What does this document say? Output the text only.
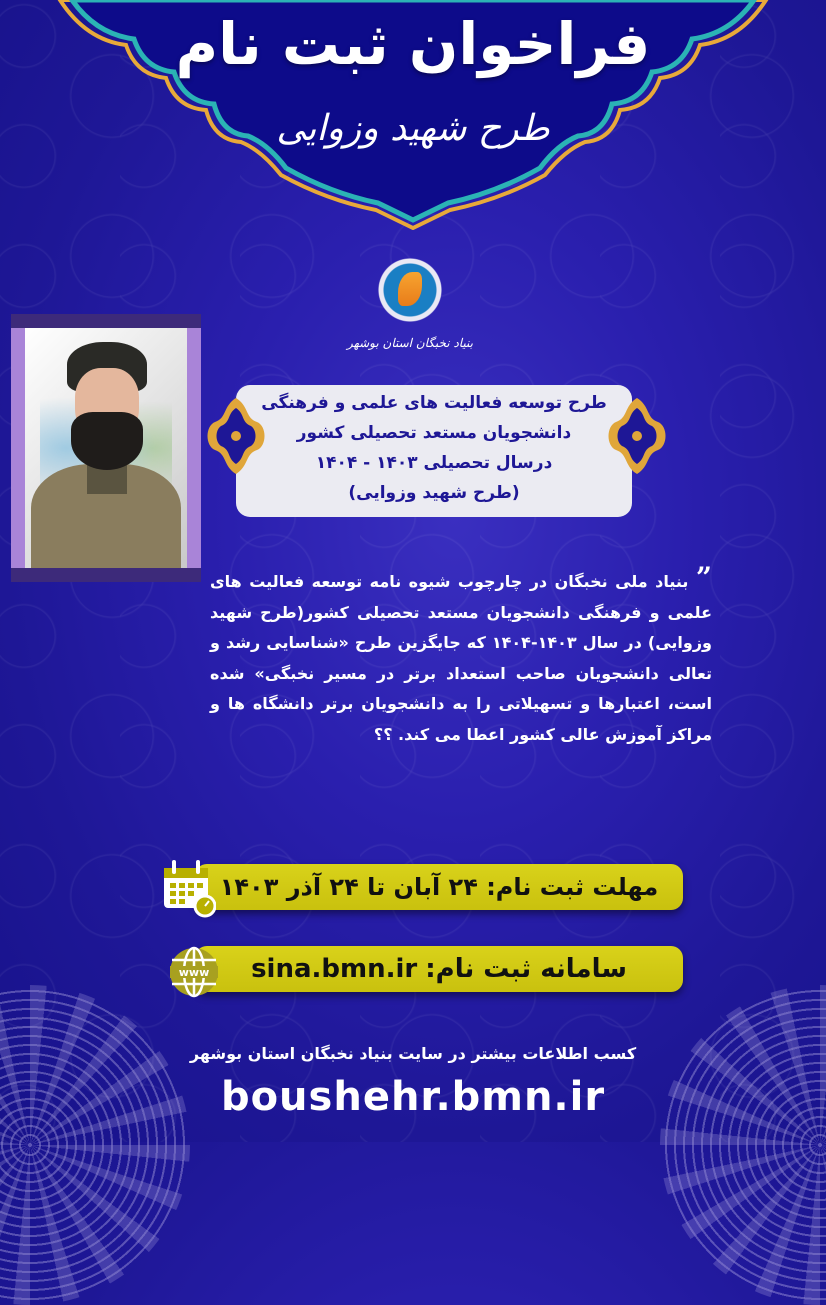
فراخوان ثبت نام
طرح شهید وزوایی
بنیاد نخبگان استان بوشهر
طرح توسعه فعالیت های علمی و فرهنگی
دانشجویان مستعد تحصیلی کشور
درسال تحصیلی ۱۴۰۳ - ۱۴۰۴
(طرح شهید وزوایی)
” بنیاد ملی نخبگان در چارچوب شیوه نامه توسعه فعالیت های علمی و فرهنگی دانشجویان مستعد تحصیلی کشور(طرح شهید وزوایی) در سال ۱۴۰۳-۱۴۰۴ که جایگزین طرح «شناسایی رشد و تعالی دانشجویان صاحب استعداد برتر در مسیر نخبگی» شده است، اعتبارها و تسهیلاتی را به دانشجویان برتر دانشگاه ها و مراکز آموزش عالی کشور اعطا می کند. ؟؟
مهلت ثبت نام: ۲۴ آبان تا ۲۴ آذر ۱۴۰۳
سامانه ثبت نام:
sina.bmn.ir
www
کسب اطلاعات بیشتر در سایت بنیاد نخبگان استان بوشهر
boushehr.bmn.ir
